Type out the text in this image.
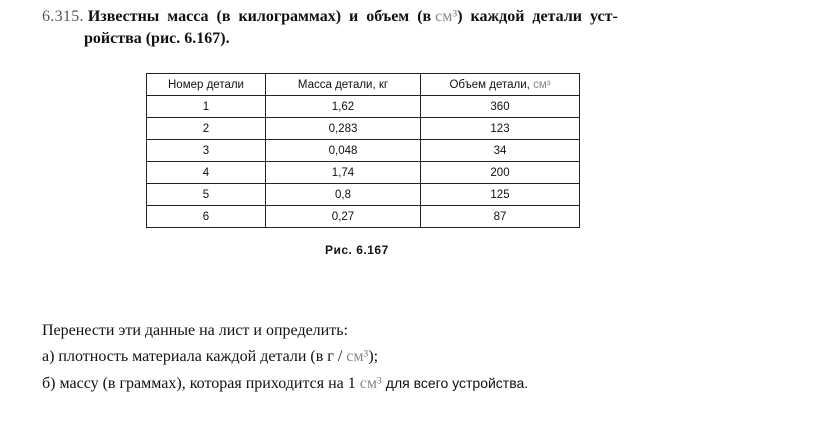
6.315. Известны масса (в килограммах) и объем (в см³) каждой детали уст-
ройства (рис. 6.167).
Номер детали	Масса детали, кг	Объем детали, см³
1	1,62	360
2	0,283	123
3	0,048	34
4	1,74	200
5	0,8	125
6	0,27	87
Рис. 6.167
Перенести эти данные на лист и определить:
а) плотность материала каждой детали (в г / см³);
б) массу (в граммах), которая приходится на 1 см³ для всего устройства.
